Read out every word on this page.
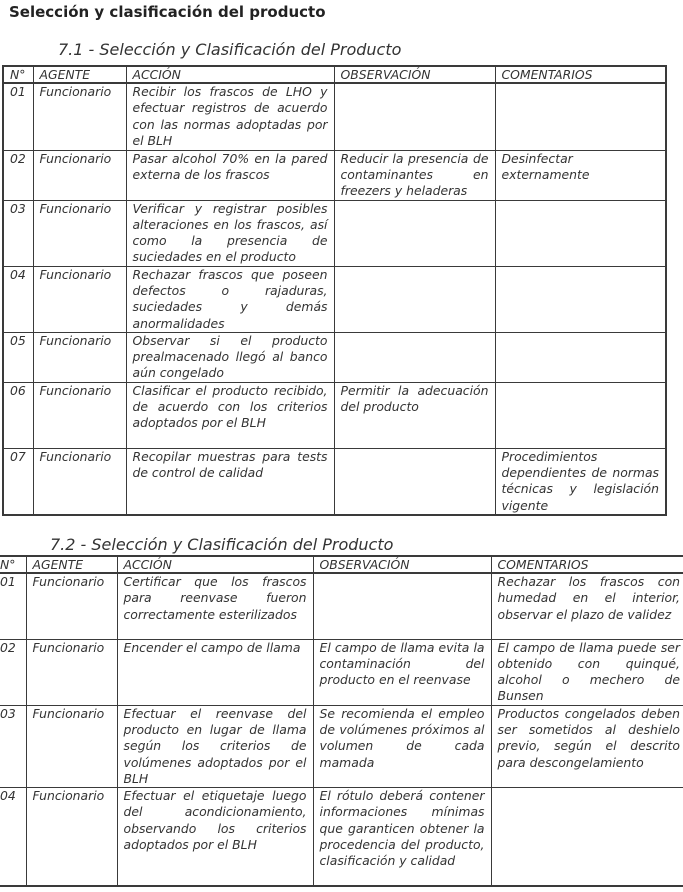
Selección y clasificación del producto
7.1 - Selección y Clasificación del Producto
N°	AGENTE	ACCIÓN	OBSERVACIÓN	COMENTARIOS
01	Funcionario	Recibir los frascos de LHO y efectuar registros de acuerdo con las normas adoptadas por el BLH		
02	Funcionario	Pasar alcohol 70% en la pared externa de los frascos	Reducir la presencia de contaminantes en freezers y heladeras	Desinfectar externamente
03	Funcionario	Verificar y registrar posibles alteraciones en los frascos, así como la presencia de suciedades en el producto		
04	Funcionario	Rechazar frascos que poseen defectos o rajaduras, suciedades y demás anormalidades		
05	Funcionario	Observar si el producto prealmacenado llegó al banco aún congelado		
06	Funcionario	Clasificar el producto recibido, de acuerdo con los criterios adoptados por el BLH	Permitir la adecuación del producto	
07	Funcionario	Recopilar muestras para tests de control de calidad		Procedimientos dependientes de normas técnicas y legislación vigente
7.2 - Selección y Clasificación del Producto
N°	AGENTE	ACCIÓN	OBSERVACIÓN	COMENTARIOS
01	Funcionario	Certificar que los frascos para reenvase fueron correctamente esterilizados		Rechazar los frascos con humedad en el interior, observar el plazo de validez
02	Funcionario	Encender el campo de llama	El campo de llama evita la contaminación del producto en el reenvase	El campo de llama puede ser obtenido con quinqué, alcohol o mechero de Bunsen
03	Funcionario	Efectuar el reenvase del producto en lugar de llama según los criterios de volúmenes adoptados por el BLH	Se recomienda el empleo de volúmenes próximos al volumen de cada mamada	Productos congelados deben ser sometidos al deshielo previo, según el descrito para descongelamiento
04	Funcionario	Efectuar el etiquetaje luego del acondicionamiento, observando los criterios adoptados por el BLH	El rótulo deberá contener informaciones mínimas que garanticen obtener la procedencia del producto, clasificación y calidad	
